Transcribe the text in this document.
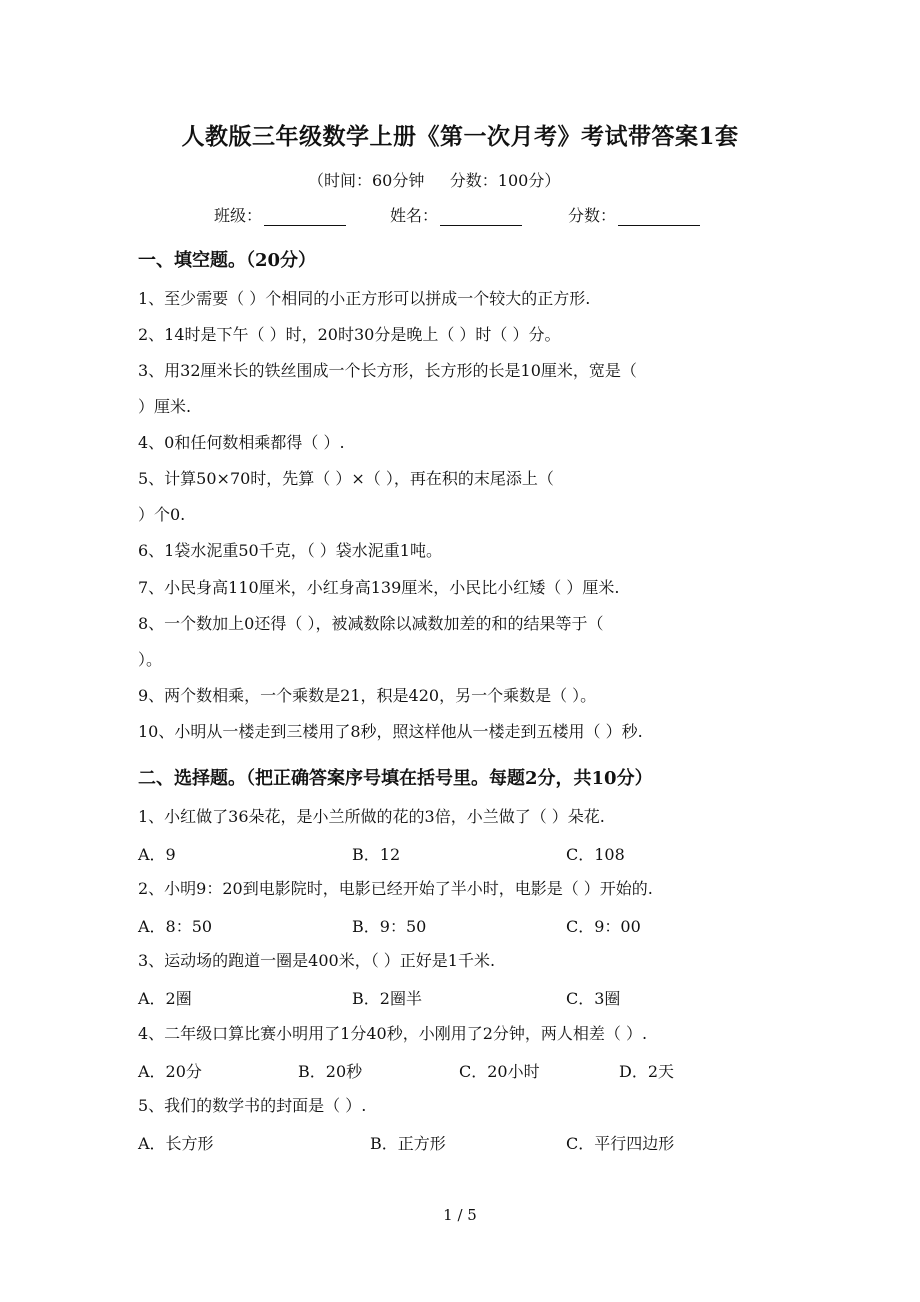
人教版三年级数学上册《第一次月考》考试带答案1套
（时间：60分钟     分数：100分）
班级：	姓名：	分数：
一、填空题。（20分）
1、至少需要（ ）个相同的小正方形可以拼成一个较大的正方形.
2、14时是下午（ ）时，20时30分是晚上（ ）时（ ）分。
3、用32厘米长的铁丝围成一个长方形，长方形的长是10厘米，宽是（
）厘米.
4、0和任何数相乘都得（ ）.
5、计算50×70时，先算（ ）×（ ），再在积的末尾添上（
）个0.
6、1袋水泥重50千克，（ ）袋水泥重1吨。
7、小民身高110厘米，小红身高139厘米，小民比小红矮（ ）厘米.
8、一个数加上0还得（ ），被减数除以减数加差的和的结果等于（
）。
9、两个数相乘，一个乘数是21，积是420，另一个乘数是（ ）。
10、小明从一楼走到三楼用了8秒，照这样他从一楼走到五楼用（ ）秒.
二、选择题。（把正确答案序号填在括号里。每题2分，共10分）
1、小红做了36朵花，是小兰所做的花的3倍，小兰做了（ ）朵花.
A．9	B．12	C．108
2、小明9：20到电影院时，电影已经开始了半小时，电影是（ ）开始的.
A．8：50	B．9：50	C．9：00
3、运动场的跑道一圈是400米，（ ）正好是1千米.
A．2圈	B．2圈半	C．3圈
4、二年级口算比赛小明用了1分40秒，小刚用了2分钟，两人相差（ ）.
A．20分	B．20秒	C．20小时	D．2天
5、我们的数学书的封面是（ ）.
A．长方形	B．正方形	C．平行四边形
1 / 5
